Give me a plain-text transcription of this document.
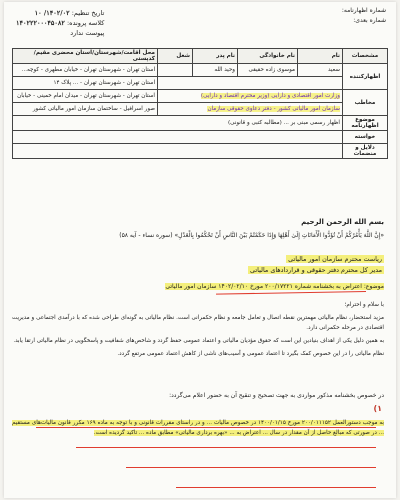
شماره اظهارنامه:
شماره بعدی:
تاریخ تنظیم: ۱۴۰۲/۰۲/ ۱۰
کلاسه پرونده: ۱۴۰۲۲۲۰۰۰۴۵۰۸۲
پیوست ندارد
مشخصات	نام	نام خانوادگی	نام پدر	شغل	محل اقامت/شهرستان/استان محضری مقیم/کدپستی
اظهارکننده	سعید	موسوی زاده حقیقی	وحید الله		استان تهران - شهرستان تهران - خیابان مطهری - کوچه...
					استان تهران - شهرستان تهران - ... پلاک ۱۴
مخاطب	وزارت امور اقتصادی و دارایی (وزیر محترم اقتصاد و دارایی)				استان تهران - شهرستان تهران - میدان امام خمینی - خیابان
	سازمان امور مالیاتی کشور - دفتر دعاوی حقوقی سازمان				صور اسرافیل - ساختمان سازمان امور مالیاتی کشور
موضوع اظهارنامه	اظهار رسمی مبنی بر ... (مطالبه کتبی و قانونی)				
خواسته					
دلایل و منضمات					
بسم الله الرحمن الرحیم
«إِنَّ اللَّهَ يَأْمُرُكُمْ أَنْ تُؤَدُّوا الْأَمَانَاتِ إِلَىٰ أَهْلِهَا وَإِذَا حَكَمْتُمْ بَيْنَ النَّاسِ أَنْ تَحْكُمُوا بِالْعَدْلِ» (سوره نساء - آیه ۵۸)
ریاست محترم سازمان امور مالیاتی
مدیر کل محترم دفتر حقوقی و قراردادهای مالیاتی
موضوع: اعتراض به بخشنامه شماره ۲۰۰/۱۷۲۲۱ مورخ ۱۴۰۲/۰۲/۱۰ سازمان امور مالیاتی

با سلام و احترام؛

مزید استحضار، نظام مالیاتی مهمترین نقطه اتصال و تعامل جامعه و نظام حکمرانی است. نظام مالیاتی به گونه‌ای طراحی شده که با درآمدی اجتماعی و مدیریت اقتصادی در مرحله حکمرانی دارد.

به همین دلیل یکی از اهداف بنیادین این است که حقوق مؤدیان مالیاتی و اعتماد عمومی حفظ گردد و شاخص‌های شفافیت و پاسخگویی در نظام مالیاتی ارتقا یابد.

نظام مالیاتی را در این خصوص کمک بگیرد تا اعتماد عمومی و آسیب‌های ناشی از کاهش اعتماد عمومی مرتفع گردد.

در خصوص بخشنامه مذکور مواردی به جهت تصحیح و تنقیح آن به حضور اعلام می‌گردد:
۱)
به موجب دستورالعمل ۲۰۰/۰۱۱۱۵۲ مورخ ۱۴۰۰/۰۱/۱۵ در خصوص مالیات ... و در راستای مقررات قانونی و با توجه به ماده ۱۶۹ مکرر قانون مالیات‌های مستقیم ... در صورتی که مبالغ حاصل از آن مقدار در سال ... اعتراض به ... «بهره برداری مالیاتی» مطابق ماده ... تاکید گردیده است.
